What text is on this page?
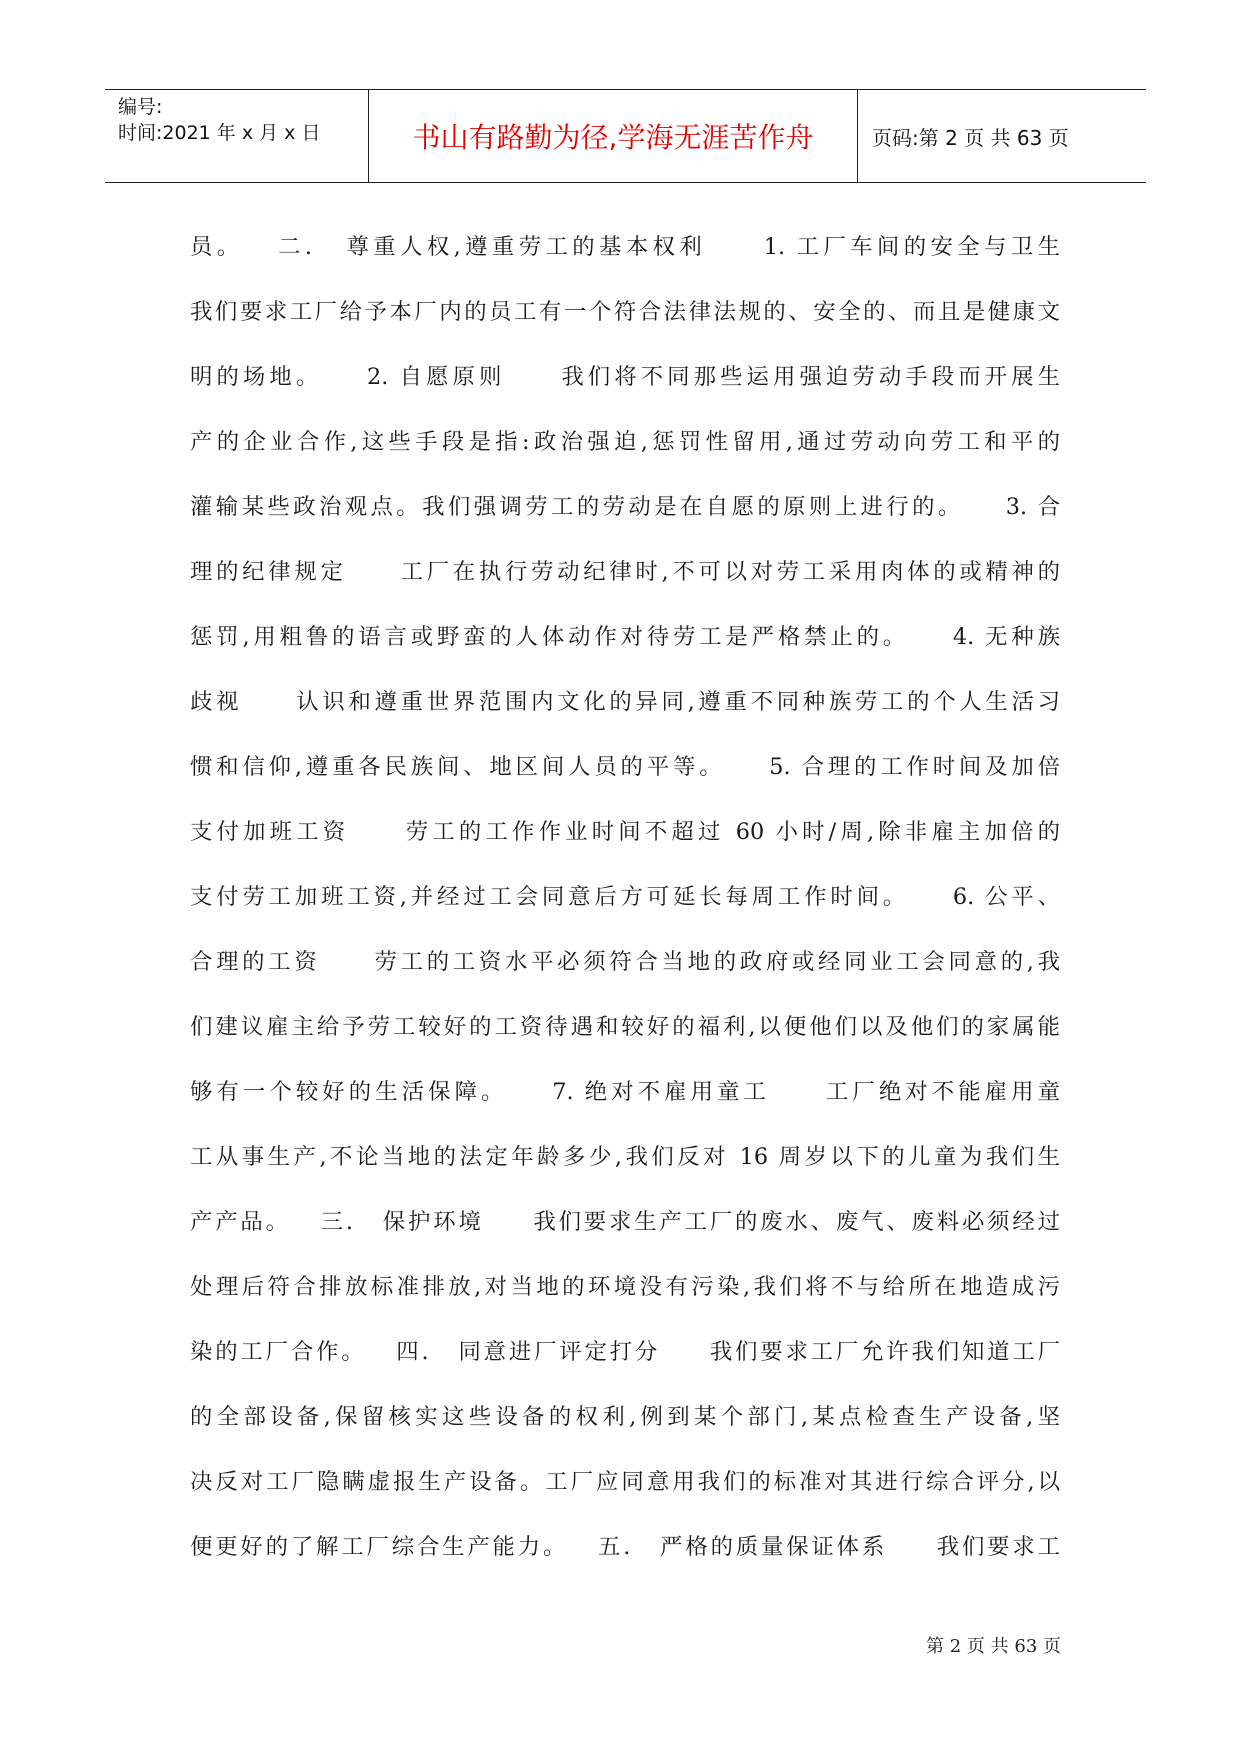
编号:
时间:2021 年 x 月 x 日	书山有路勤为径,学海无涯苦作舟	页码:第 2 页 共 63 页
员。   二.   尊重人权,遵重劳工的基本权利     1. 工厂车间的安全与卫生
我们要求工厂给予本厂内的员工有一个符合法律法规的、安全的、而且是健康文
明的场地。    2. 自愿原则     我们将不同那些运用强迫劳动手段而开展生
产的企业合作,这些手段是指:政治强迫,惩罚性留用,通过劳动向劳工和平的
灌输某些政治观点。我们强调劳工的劳动是在自愿的原则上进行的。    3. 合
理的纪律规定     工厂在执行劳动纪律时,不可以对劳工采用肉体的或精神的
惩罚,用粗鲁的语言或野蛮的人体动作对待劳工是严格禁止的。    4. 无种族
歧视     认识和遵重世界范围内文化的异同,遵重不同种族劳工的个人生活习
惯和信仰,遵重各民族间、地区间人员的平等。    5. 合理的工作时间及加倍
支付加班工资     劳工的工作作业时间不超过 60 小时/周,除非雇主加倍的
支付劳工加班工资,并经过工会同意后方可延长每周工作时间。    6. 公平、
合理的工资     劳工的工资水平必须符合当地的政府或经同业工会同意的,我
们建议雇主给予劳工较好的工资待遇和较好的福利,以便他们以及他们的家属能
够有一个较好的生活保障。    7. 绝对不雇用童工     工厂绝对不能雇用童
工从事生产,不论当地的法定年龄多少,我们反对 16 周岁以下的儿童为我们生
产产品。   三.   保护环境     我们要求生产工厂的废水、废气、废料必须经过
处理后符合排放标准排放,对当地的环境没有污染,我们将不与给所在地造成污
染的工厂合作。   四.   同意进厂评定打分     我们要求工厂允许我们知道工厂
的全部设备,保留核实这些设备的权利,例到某个部门,某点检查生产设备,坚
决反对工厂隐瞒虚报生产设备。工厂应同意用我们的标准对其进行综合评分,以
便更好的了解工厂综合生产能力。   五.   严格的质量保证体系     我们要求工
第 2 页 共 63 页
